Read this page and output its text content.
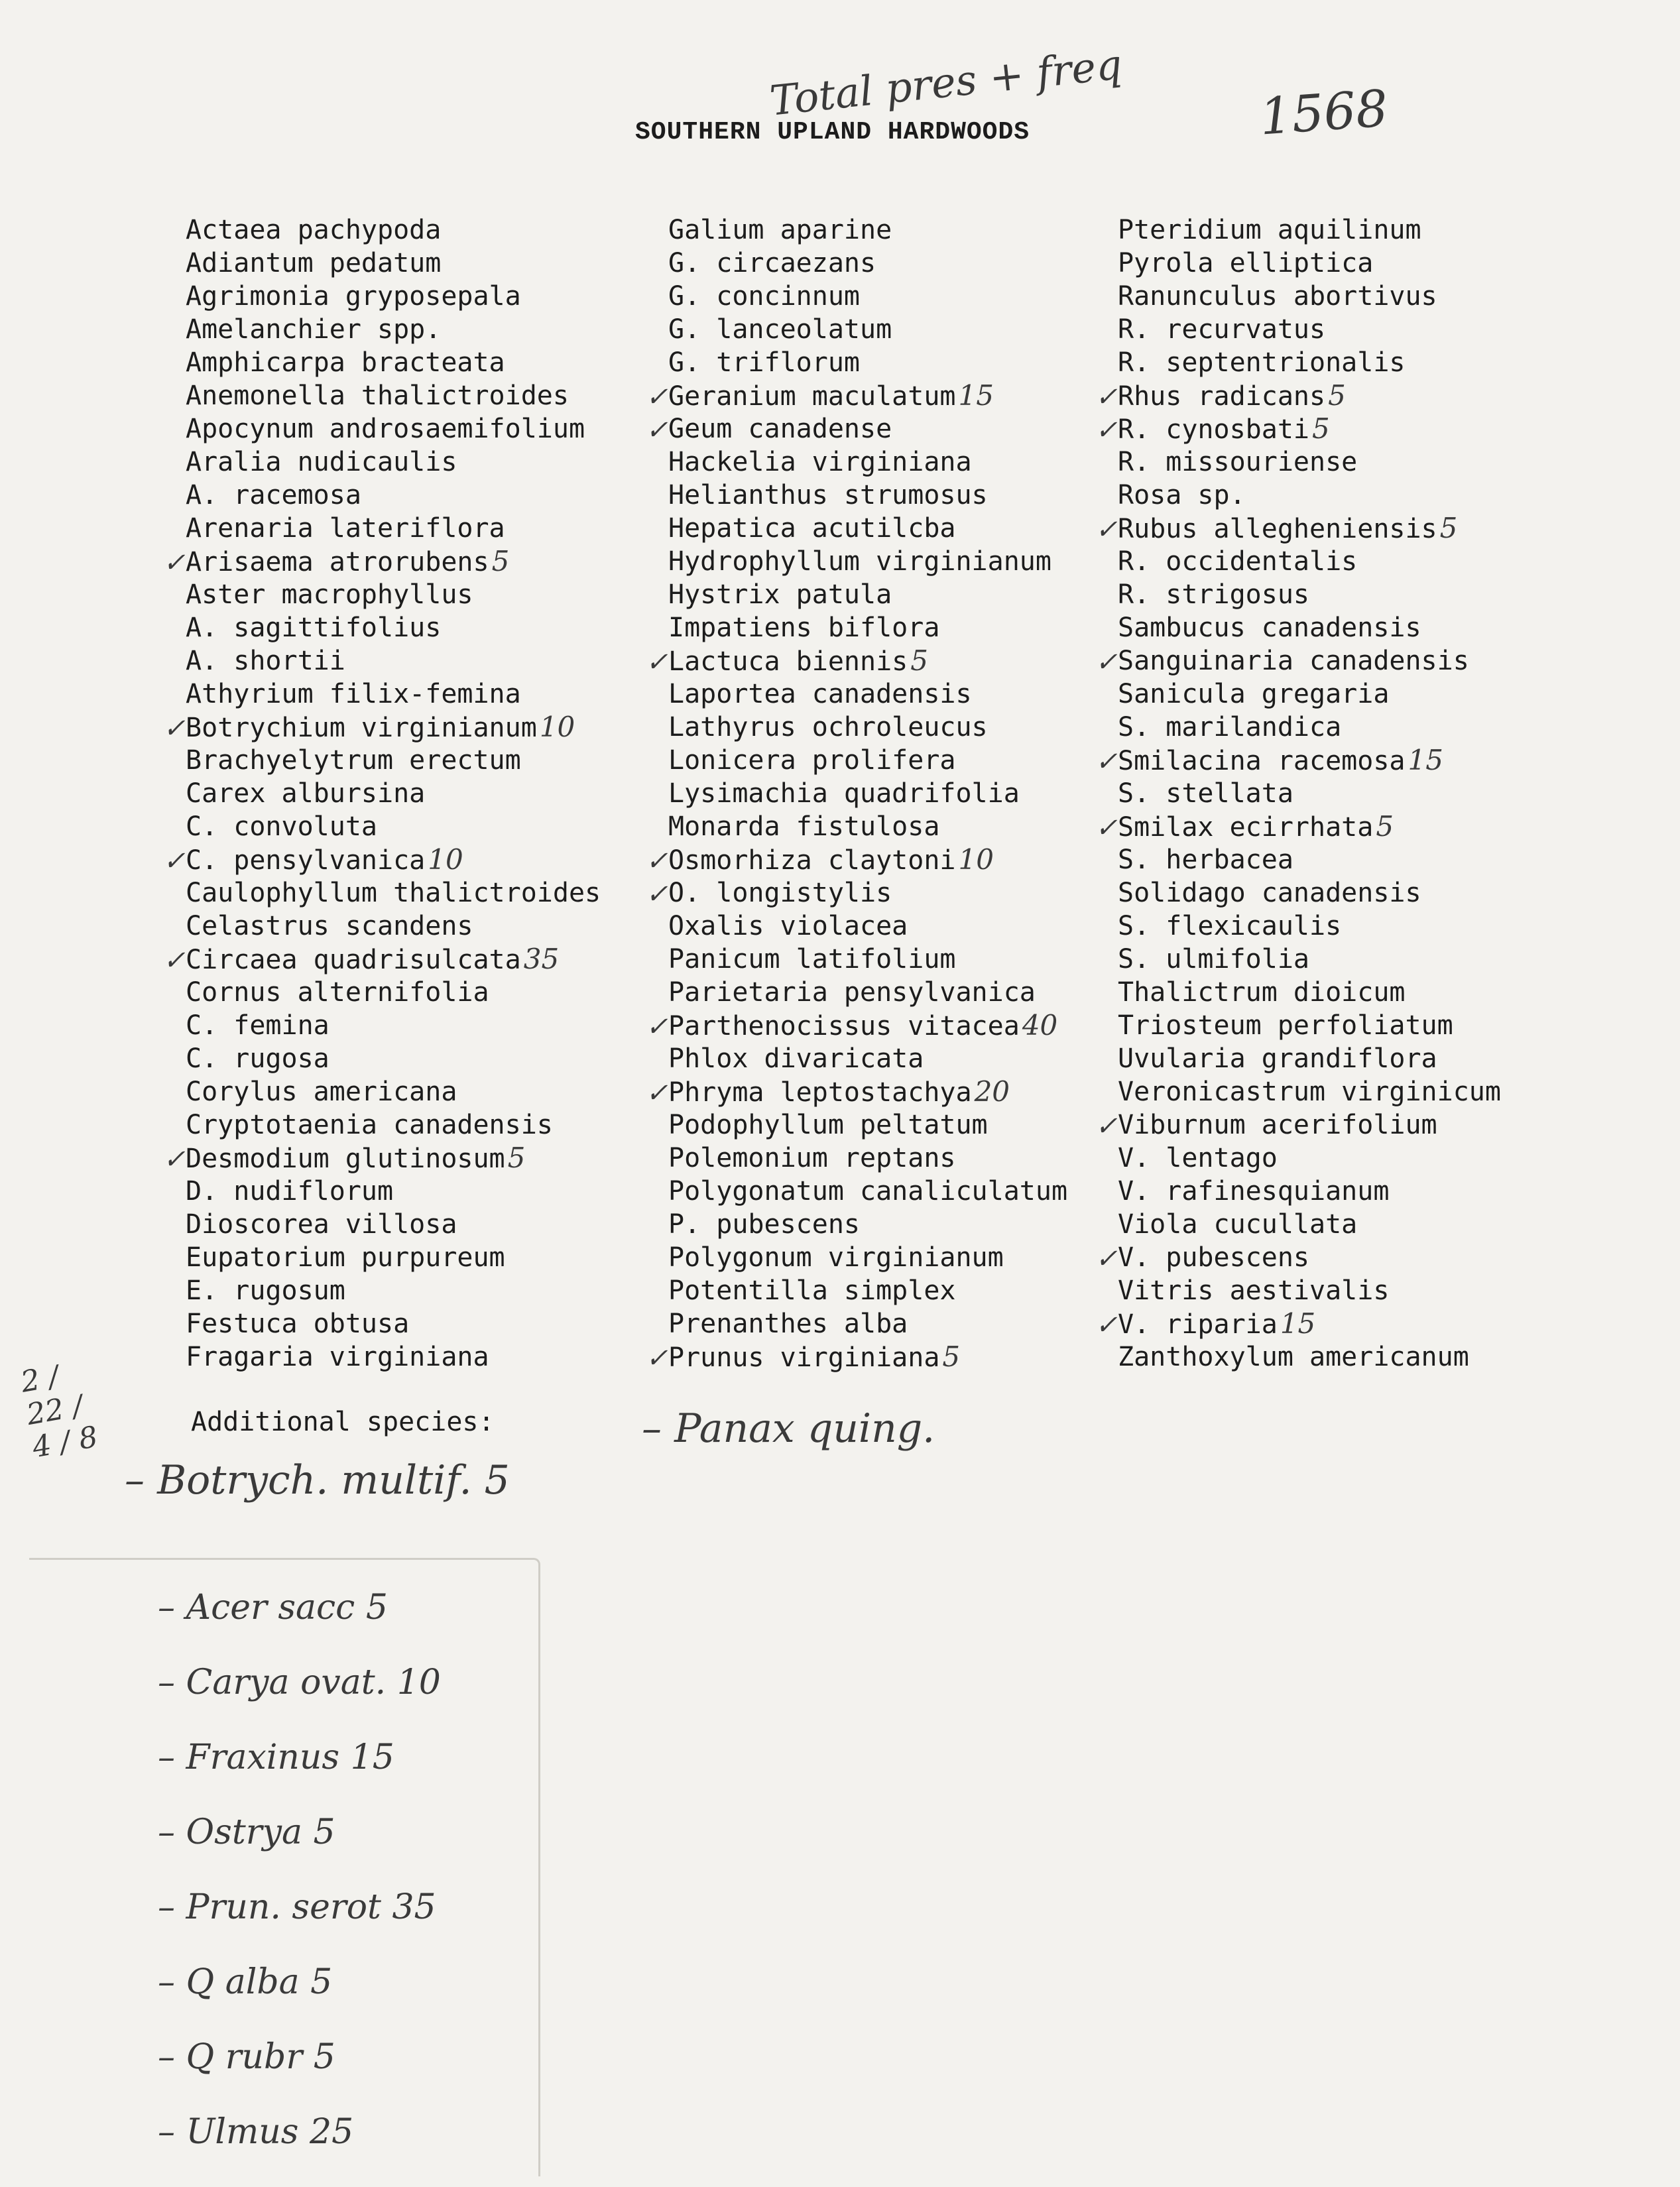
Total pres + freq	1568
SOUTHERN UPLAND HARDWOODS
Actaea pachypoda
Adiantum pedatum
Agrimonia gryposepala
Amelanchier spp.
Amphicarpa bracteata
Anemonella thalictroides
Apocynum androsaemifolium
Aralia nudicaulis
A. racemosa
Arenaria lateriflora
✓ Arisaema atrorubens5
Aster macrophyllus
A. sagittifolius
A. shortii
Athyrium filix-femina
✓ Botrychium virginianum10
Brachyelytrum erectum
Carex albursina
C. convoluta
✓ C. pensylvanica10
Caulophyllum thalictroides
Celastrus scandens
✓ Circaea quadrisulcata35
Cornus alternifolia
C. femina
C. rugosa
Corylus americana
Cryptotaenia canadensis
✓ Desmodium glutinosum5
D. nudiflorum
Dioscorea villosa
Eupatorium purpureum
E. rugosum
Festuca obtusa
Fragaria virginiana
Galium aparine
G. circaezans
G. concinnum
G. lanceolatum
G. triflorum
✓ Geranium maculatum15
✓ Geum canadense
Hackelia virginiana
Helianthus strumosus
Hepatica acutilcba
Hydrophyllum virginianum
Hystrix patula
Impatiens biflora
✓ Lactuca biennis5
Laportea canadensis
Lathyrus ochroleucus
Lonicera prolifera
Lysimachia quadrifolia
Monarda fistulosa
✓ Osmorhiza claytoni10
✓ O. longistylis
Oxalis violacea
Panicum latifolium
Parietaria pensylvanica
✓ Parthenocissus vitacea40
Phlox divaricata
✓ Phryma leptostachya20
Podophyllum peltatum
Polemonium reptans
Polygonatum canaliculatum
P. pubescens
Polygonum virginianum
Potentilla simplex
Prenanthes alba
✓ Prunus virginiana5
Pteridium aquilinum
Pyrola elliptica
Ranunculus abortivus
R. recurvatus
R. septentrionalis
✓ Rhus radicans5
✓ R. cynosbati5
R. missouriense
Rosa sp.
✓ Rubus allegheniensis5
R. occidentalis
R. strigosus
Sambucus canadensis
✓ Sanguinaria canadensis
Sanicula gregaria
S. marilandica
✓ Smilacina racemosa15
S. stellata
✓ Smilax ecirrhata5
S. herbacea
Solidago canadensis
S. flexicaulis
S. ulmifolia
Thalictrum dioicum
Triosteum perfoliatum
Uvularia grandiflora
Veronicastrum virginicum
✓ Viburnum acerifolium
V. lentago
V. rafinesquianum
Viola cucullata
✓ V. pubescens
Vitris aestivalis
✓ V. riparia15
Zanthoxylum americanum
2 / 22 / 4 / 8	Additional species:	– Panax quing.
– Botrych. multif. 5
– Acer sacc 5
– Carya ovat. 10
– Fraxinus 15
– Ostrya 5
– Prun. serot 35
– Q alba 5
– Q rubr 5
– Ulmus 25
